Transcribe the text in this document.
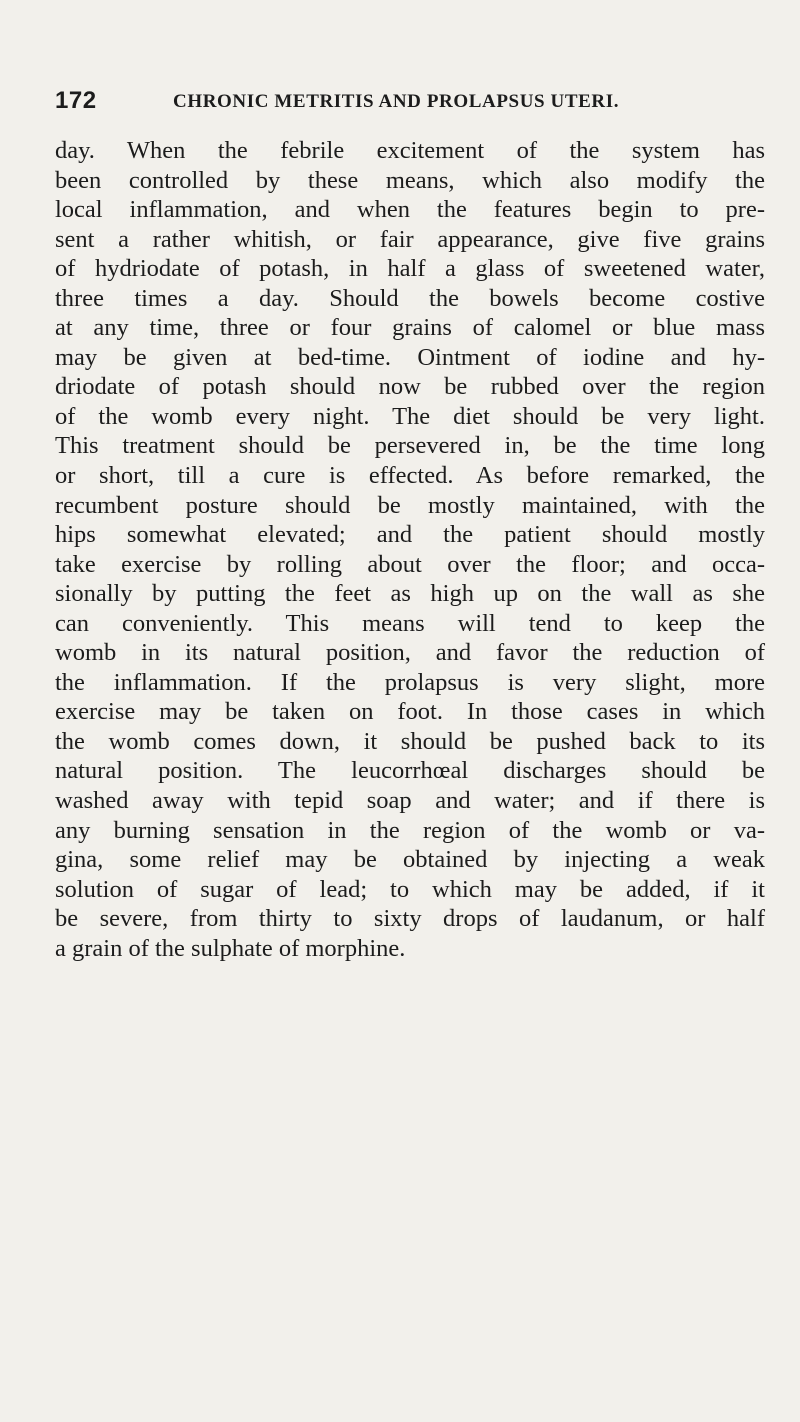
172	CHRONIC METRITIS AND PROLAPSUS UTERI.
day. When the febrile excitement of the system has
been controlled by these means, which also modify the
local inflammation, and when the features begin to pre-
sent a rather whitish, or fair appearance, give five grains
of hydriodate of potash, in half a glass of sweetened water,
three times a day. Should the bowels become costive
at any time, three or four grains of calomel or blue mass
may be given at bed-time. Ointment of iodine and hy-
driodate of potash should now be rubbed over the region
of the womb every night. The diet should be very light.
This treatment should be persevered in, be the time long
or short, till a cure is effected. As before remarked, the
recumbent posture should be mostly maintained, with the
hips somewhat elevated; and the patient should mostly
take exercise by rolling about over the floor; and occa-
sionally by putting the feet as high up on the wall as she
can conveniently. This means will tend to keep the
womb in its natural position, and favor the reduction of
the inflammation. If the prolapsus is very slight, more
exercise may be taken on foot. In those cases in which
the womb comes down, it should be pushed back to its
natural position. The leucorrhœal discharges should be
washed away with tepid soap and water; and if there is
any burning sensation in the region of the womb or va-
gina, some relief may be obtained by injecting a weak
solution of sugar of lead; to which may be added, if it
be severe, from thirty to sixty drops of laudanum, or half
a grain of the sulphate of morphine.
